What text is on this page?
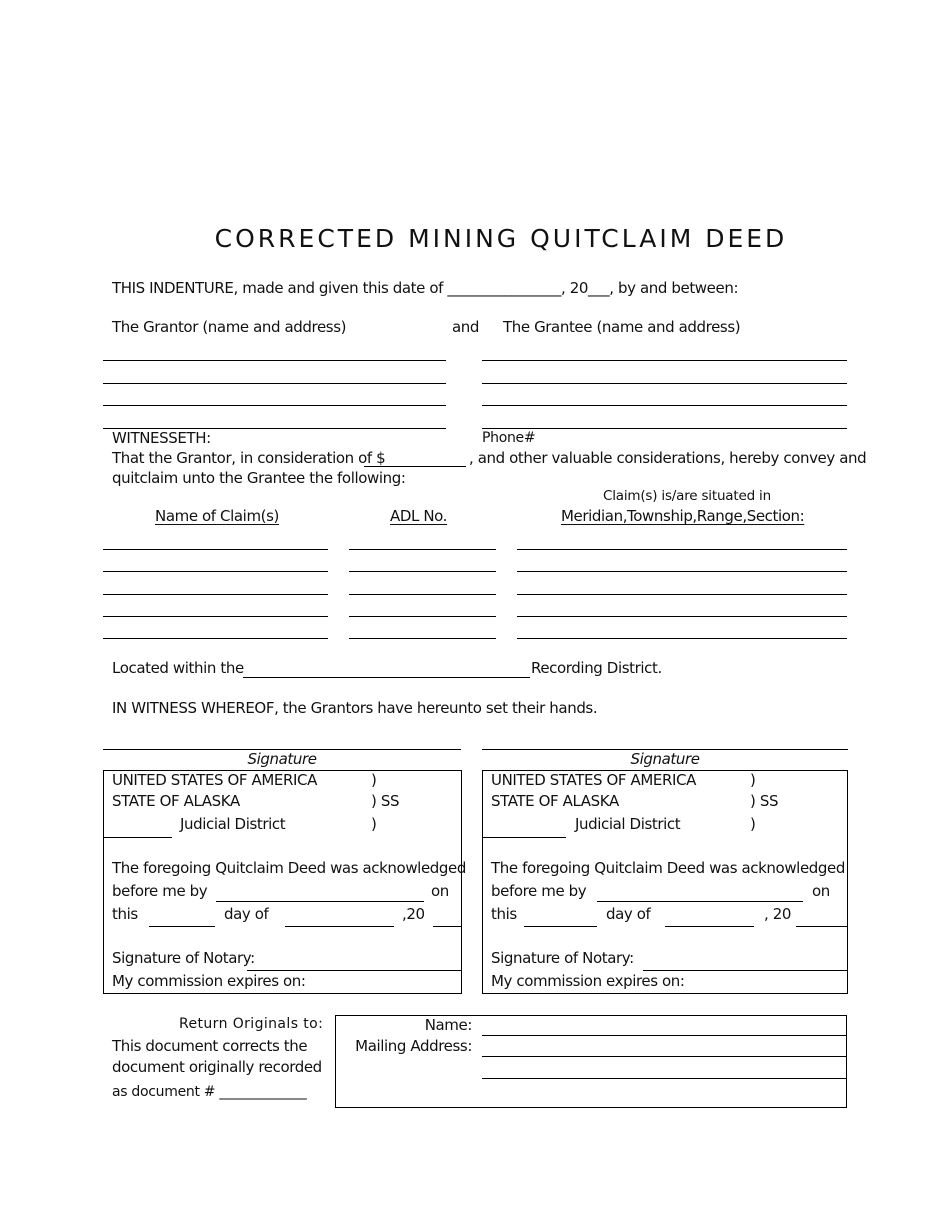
CORRECTED MINING QUITCLAIM DEED
THIS INDENTURE, made and given this date of ________________, 20___, by and between:
The Grantor (name and address)	and The Grantee (name and address)
WITNESSETH:	Phone#
That the Grantor, in consideration of $	, and other valuable considerations, hereby convey and
quitclaim unto the Grantee the following:
Claim(s) is/are situated in
Name of Claim(s)	ADL No.	Meridian,Township,Range,Section:
Located within the	Recording District.
IN WITNESS WHEREOF, the Grantors have hereunto set their hands.
Signature	Signature
UNITED STATES OF AMERICA	)
STATE OF ALASKA	) SS
Judicial District	)
The foregoing Quitclaim Deed was acknowledged
before me by	on
this	day of	,20
Signature of Notary:
My commission expires on:
UNITED STATES OF AMERICA	)
STATE OF ALASKA	) SS
Judicial District	)
The foregoing Quitclaim Deed was acknowledged
before me by	on
this	day of	, 20
Signature of Notary:
My commission expires on:
Return Originals to:
This document corrects the
document originally recorded
as document # _____________
Name:
Mailing Address:
